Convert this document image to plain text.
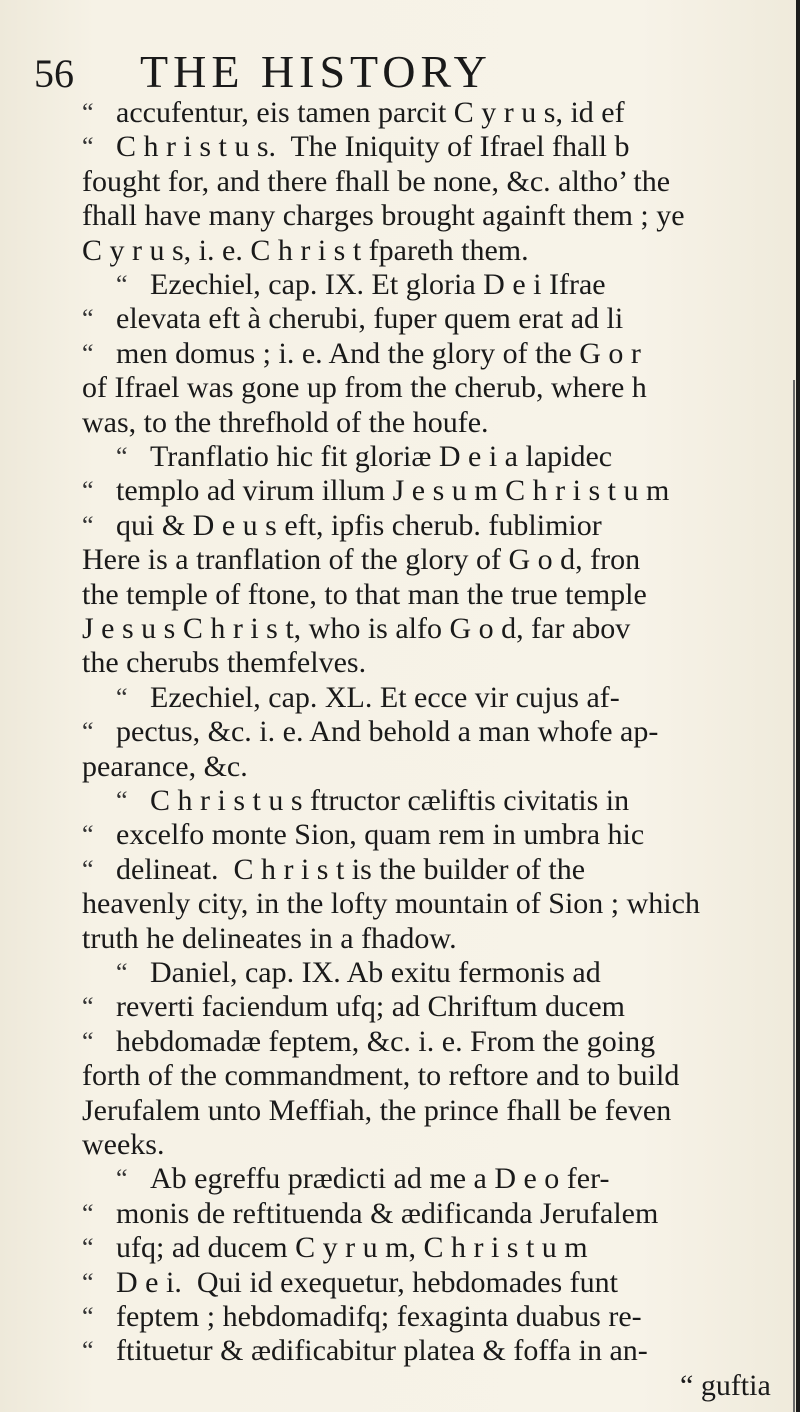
56 THE HISTORY
“ accufentur, eis tamen parcit C y r u s, id ef
“ C h r i s t u s.  The Iniquity of Ifrael fhall b
fought for, and there fhall be none, &c. altho’ the
fhall have many charges brought againft them ; ye
C y r u s, i. e. C h r i s t fpareth them.
“ Ezechiel, cap. IX. Et gloria D e i Ifrae
“ elevata eft à cherubi, fuper quem erat ad li
“ men domus ; i. e. And the glory of the G o r
of Ifrael was gone up from the cherub, where h
was, to the threfhold of the houfe.
“ Tranflatio hic fit gloriæ D e i a lapidec
“ templo ad virum illum J e s u m C h r i s t u m
“ qui & D e u s eft, ipfis cherub. fublimior
Here is a tranflation of the glory of G o d, fron
the temple of ftone, to that man the true temple
J e s u s C h r i s t, who is alfo G o d, far abov
the cherubs themfelves.
“ Ezechiel, cap. XL. Et ecce vir cujus af-
“ pectus, &c. i. e. And behold a man whofe ap-
pearance, &c.
“ C h r i s t u s ftructor cæliftis civitatis in
“ excelfo monte Sion, quam rem in umbra hic
“ delineat.  C h r i s t is the builder of the
heavenly city, in the lofty mountain of Sion ; which
truth he delineates in a fhadow.
“ Daniel, cap. IX. Ab exitu fermonis ad
“ reverti faciendum ufq; ad Chriftum ducem
“ hebdomadæ feptem, &c. i. e. From the going
forth of the commandment, to reftore and to build
Jerufalem unto Meffiah, the prince fhall be feven
weeks.
“ Ab egreffu prædicti ad me a D e o fer-
“ monis de reftituenda & ædificanda Jerufalem
“ ufq; ad ducem C y r u m, C h r i s t u m
“ D e i.  Qui id exequetur, hebdomades funt
“ feptem ; hebdomadifq; fexaginta duabus re-
“ ftituetur & ædificabitur platea & foffa in an-
“ guftia
